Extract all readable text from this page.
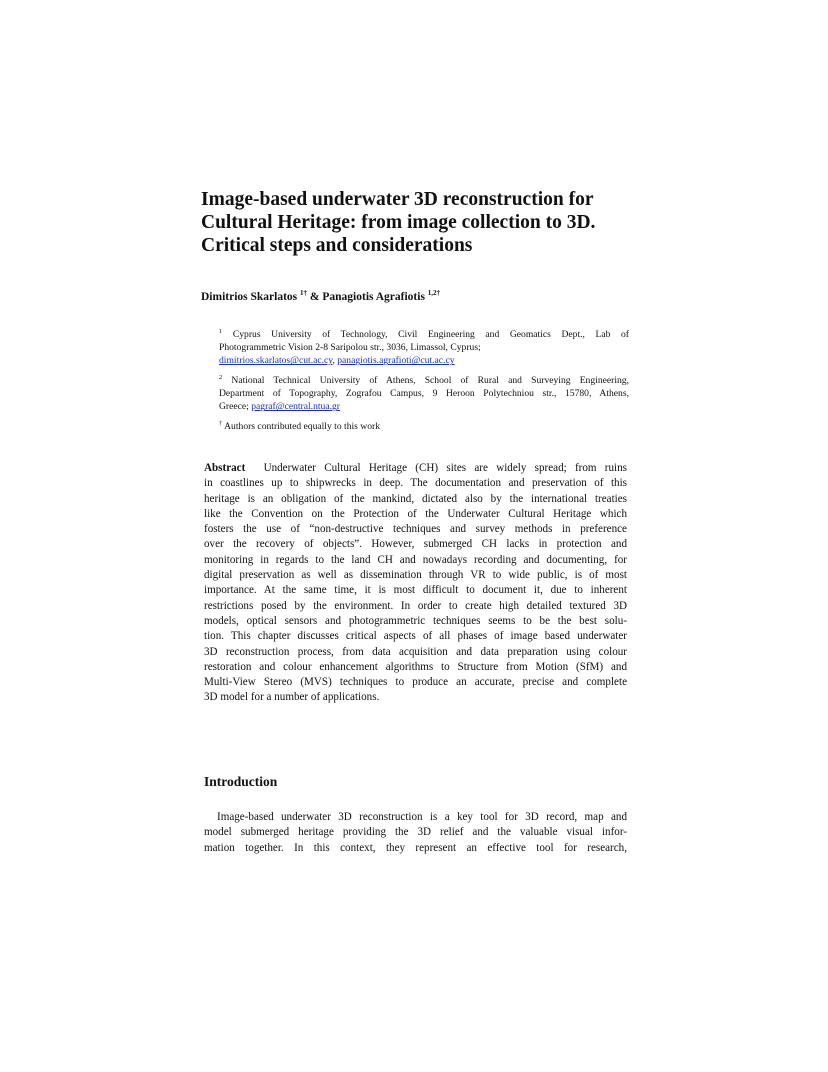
Image-based underwater 3D reconstruction for
Cultural Heritage: from image collection to 3D.
Critical steps and considerations

Dimitrios Skarlatos $^{1\dagger}$ & Panagiotis Agrafiotis $^{1,2\dagger}$

$^1$ Cyprus University of Technology, Civil Engineering and Geomatics Dept., Lab of
Photogrammetric Vision 2-8 Saripolou str., 3036, Limassol, Cyprus;
dimitrios.skarlatos@cut.ac.cy, panagiotis.agrafioti@cut.ac.cy
$^2$ National Technical University of Athens, School of Rural and Surveying Engineering,
Department of Topography, Zografou Campus, 9 Heroon Polytechniou str., 15780, Athens,
Greece; pagraf@central.ntua.gr
† Authors contributed equally to this work
Abstract Underwater Cultural Heritage (CH) sites are widely spread; from ruins
in coastlines up to shipwrecks in deep. The documentation and preservation of this
heritage is an obligation of the mankind, dictated also by the international treaties
like the Convention on the Protection of the Underwater Cultural Heritage which
fosters the use of “non-destructive techniques and survey methods in preference
over the recovery of objects”. However, submerged CH lacks in protection and
monitoring in regards to the land CH and nowadays recording and documenting, for
digital preservation as well as dissemination through VR to wide public, is of most
importance. At the same time, it is most difficult to document it, due to inherent
restrictions posed by the environment. In order to create high detailed textured 3D
models, optical sensors and photogrammetric techniques seems to be the best solu-
tion. This chapter discusses critical aspects of all phases of image based underwater
3D reconstruction process, from data acquisition and data preparation using colour
restoration and colour enhancement algorithms to Structure from Motion (SfM) and
Multi-View Stereo (MVS) techniques to produce an accurate, precise and complete
3D model for a number of applications.
Introduction
Image-based underwater 3D reconstruction is a key tool for 3D record, map and
model submerged heritage providing the 3D relief and the valuable visual infor-
mation together. In this context, they represent an effective tool for research,
